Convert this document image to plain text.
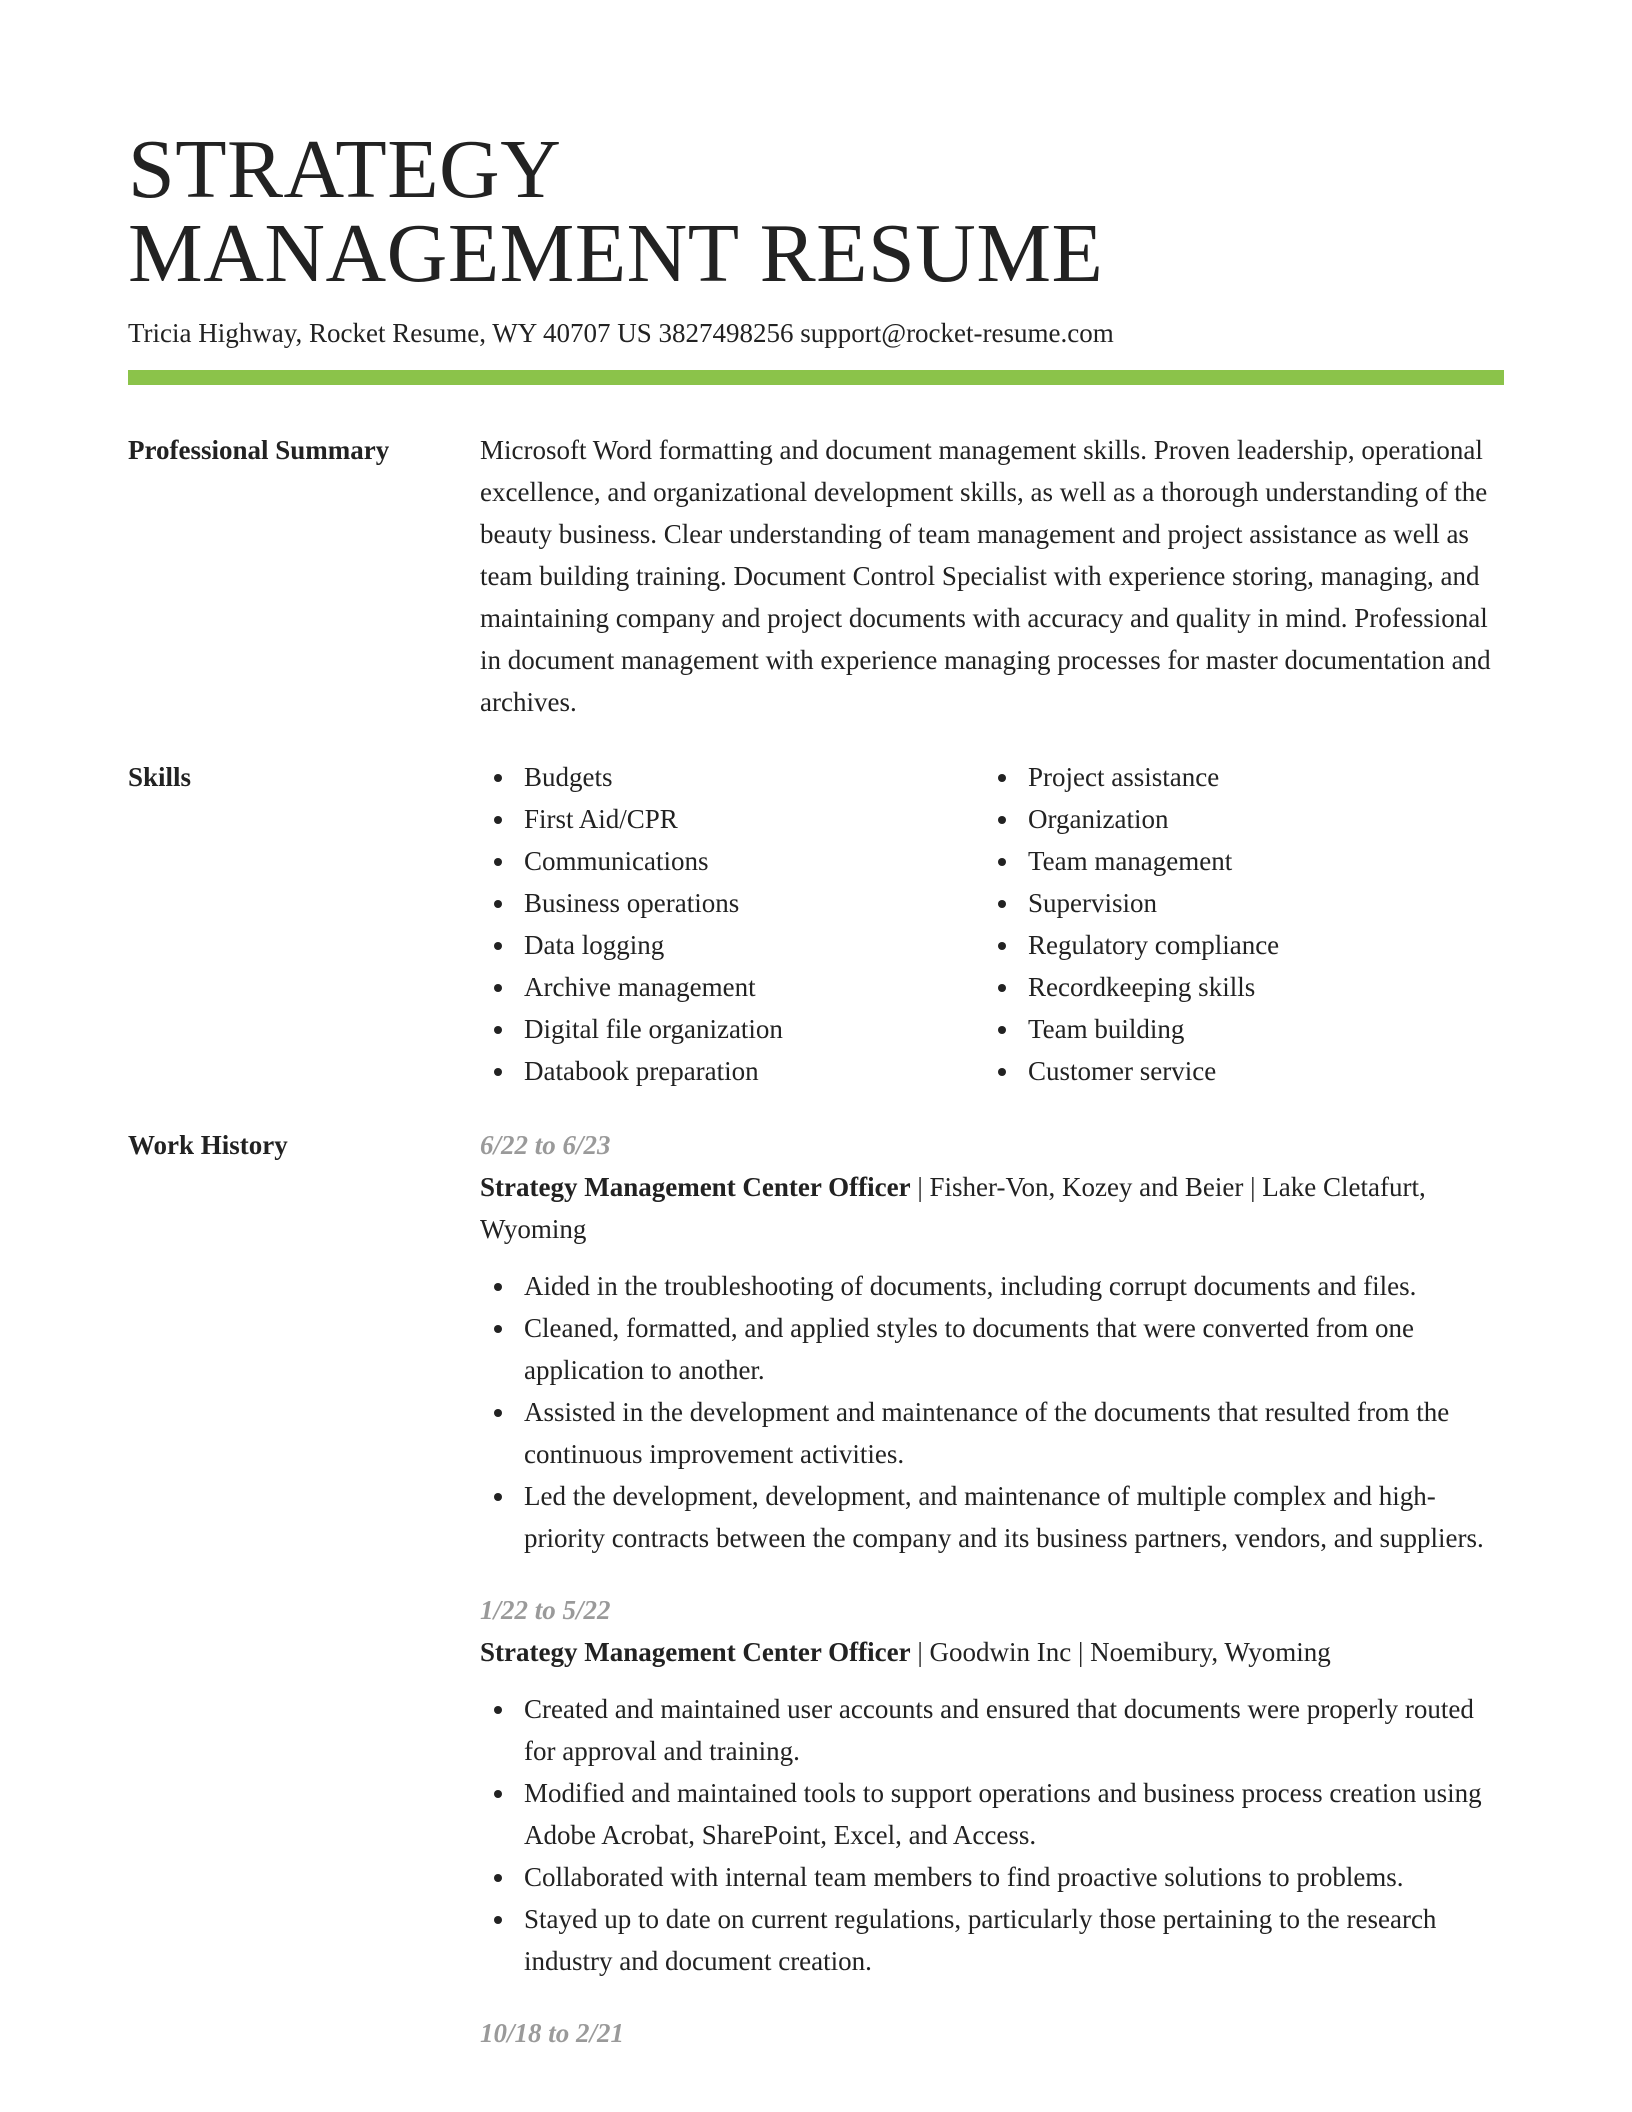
STRATEGY
MANAGEMENT RESUME
Tricia Highway, Rocket Resume, WY 40707 US 3827498256 support@rocket-resume.com
Professional Summary	Microsoft Word formatting and document management skills. Proven leadership, operational excellence, and organizational development skills, as well as a thorough understanding of the beauty business. Clear understanding of team management and project assistance as well as team building training. Document Control Specialist with experience storing, managing, and maintaining company and project documents with accuracy and quality in mind. Professional in document management with experience managing processes for master documentation and archives.

Skills	Budgets
First Aid/CPR
Communications
Business operations
Data logging
Archive management
Digital file organization
Databook preparation
Project assistance
Organization
Team management
Supervision
Regulatory compliance
Recordkeeping skills
Team building
Customer service
Work History	6/22 to 6/23
Strategy Management Center Officer | Fisher-Von, Kozey and Beier | Lake Cletafurt, Wyoming
Aided in the troubleshooting of documents, including corrupt documents and files.
Cleaned, formatted, and applied styles to documents that were converted from one application to another.
Assisted in the development and maintenance of the documents that resulted from the continuous improvement activities.
Led the development, development, and maintenance of multiple complex and high-priority contracts between the company and its business partners, vendors, and suppliers.
1/22 to 5/22
Strategy Management Center Officer | Goodwin Inc | Noemibury, Wyoming
Created and maintained user accounts and ensured that documents were properly routed for approval and training.
Modified and maintained tools to support operations and business process creation using Adobe Acrobat, SharePoint, Excel, and Access.
Collaborated with internal team members to find proactive solutions to problems.
Stayed up to date on current regulations, particularly those pertaining to the research industry and document creation.
10/18 to 2/21
